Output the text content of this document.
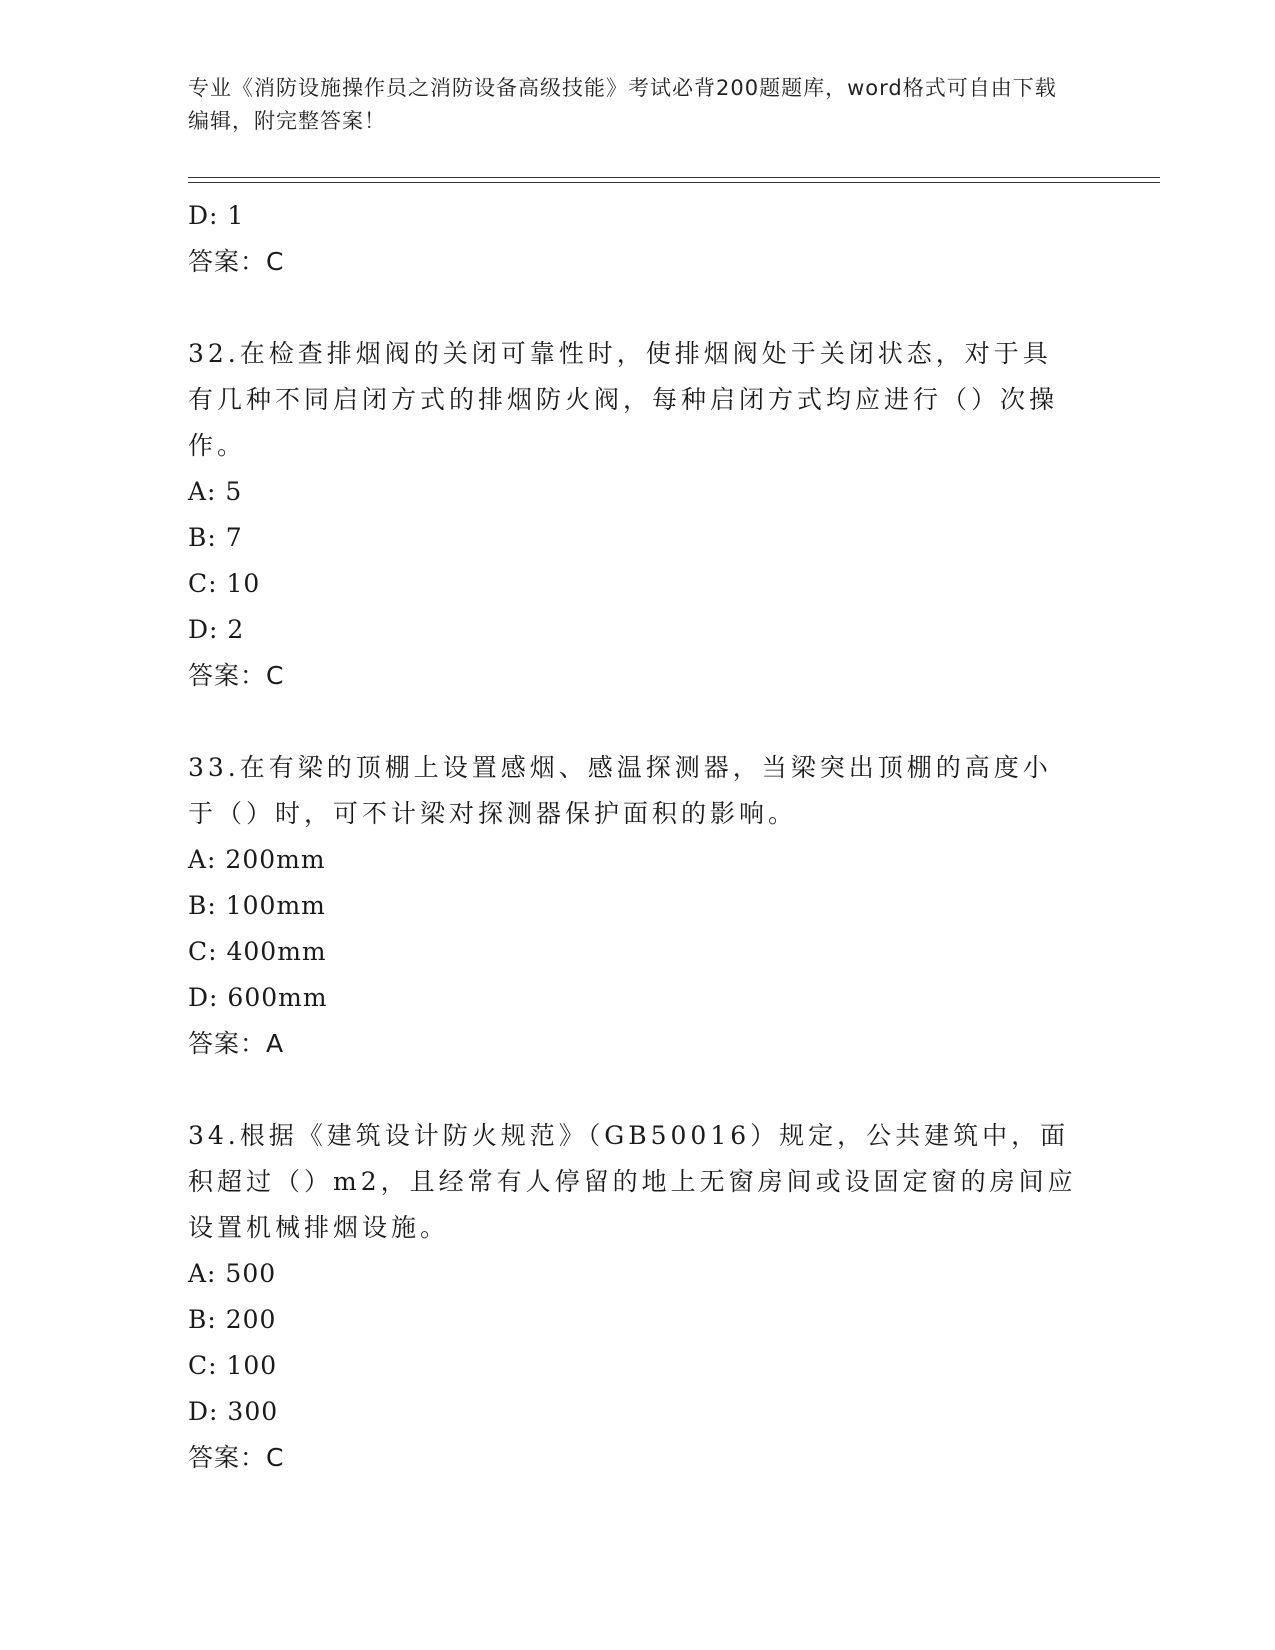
专业《消防设施操作员之消防设备高级技能》考试必背200题题库，word格式可自由下载编辑，附完整答案！
D: 1
答案：C
32.在检查排烟阀的关闭可靠性时，使排烟阀处于关闭状态，对于具有几种不同启闭方式的排烟防火阀，每种启闭方式均应进行（）次操作。
A: 5
B: 7
C: 10
D: 2
答案：C
33.在有梁的顶棚上设置感烟、感温探测器，当梁突出顶棚的高度小于（）时，可不计梁对探测器保护面积的影响。
A: 200mm
B: 100mm
C: 400mm
D: 600mm
答案：A
34.根据《建筑设计防火规范》（GB50016）规定，公共建筑中，面积超过（）m2，且经常有人停留的地上无窗房间或设固定窗的房间应设置机械排烟设施。
A: 500
B: 200
C: 100
D: 300
答案：C
